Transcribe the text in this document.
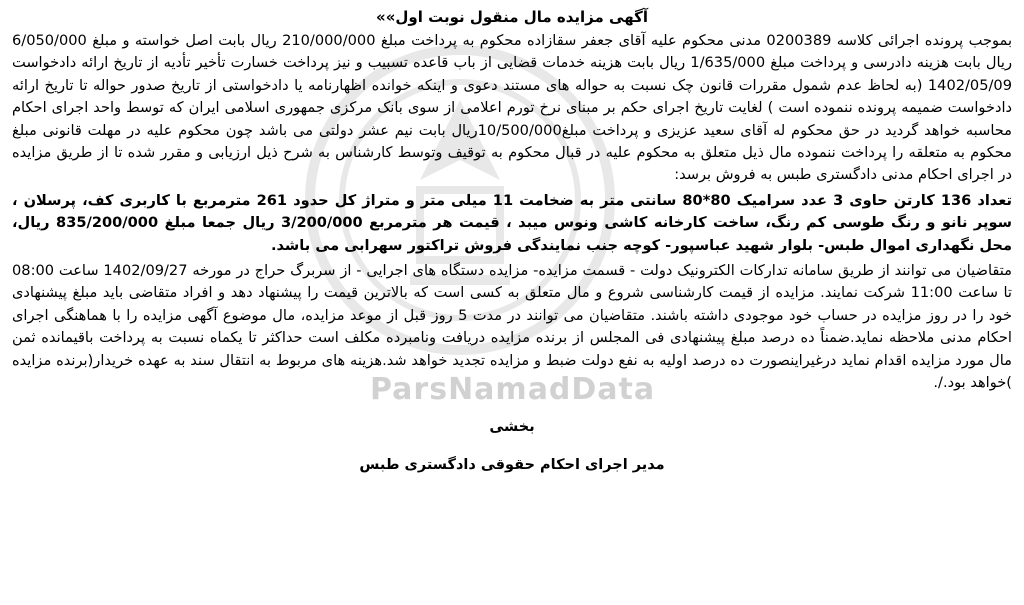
ParsNamadData
آگهی مزایده مال منقول نوبت اول»»

بموجب پرونده اجرائی کلاسه 0200389 مدنی محکوم علیه آقای جعفر سقازاده محکوم به پرداخت مبلغ 210/000/000 ریال بابت اصل خواسته و مبلغ 6/050/000 ریال بابت هزینه دادرسی و پرداخت مبلغ 1/635/000 ریال بابت هزینه خدمات قضایی از باب قاعده تسبیب و نیز پرداخت خسارت تأخیر تأدیه از تاریخ ارائه دادخواست 1402/05/09 (به لحاظ عدم شمول مقررات قانون چک نسبت به حواله های مستند دعوی و اینکه خوانده اظهارنامه یا دادخواستی از تاریخ صدور حواله تا تاریخ ارائه دادخواست ضمیمه پرونده ننموده است ) لغایت تاریخ اجرای حکم بر مبنای نرخ تورم اعلامی از سوی بانک مرکزی جمهوری اسلامی ایران که توسط واحد اجرای احکام محاسبه خواهد گردید در حق محکوم له آقای سعید عزیزی و پرداخت مبلغ10/500/000ریال بابت نیم عشر دولتی می باشد چون محکوم علیه در مهلت قانونی مبلغ محکوم به متعلقه را پرداخت ننموده مال ذیل متعلق به محکوم علیه در قبال محکوم به توقیف وتوسط کارشناس به شرح ذیل ارزیابی و مقرر شده تا از طریق مزایده در اجرای احکام مدنی دادگستری طبس به فروش برسد:

تعداد 136 کارتن حاوی 3 عدد سرامیک 80*80 سانتی متر به ضخامت 11 میلی متر و متراژ کل حدود 261 مترمربع با کاربری کف، پرسلان ، سوپر نانو و رنگ طوسی کم رنگ، ساخت کارخانه کاشی ونوس میبد ، قیمت هر مترمربع 3/200/000 ریال جمعا مبلغ 835/200/000 ریال، محل نگهداری اموال طبس- بلوار شهید عباسپور- کوچه جنب نمایندگی فروش تراکتور سهرابی می باشد.

متقاضیان می توانند از طریق سامانه تدارکات الکترونیک دولت - قسمت مزایده- مزایده دستگاه های اجرایی - از سربرگ حراج در مورخه 1402/09/27 ساعت 08:00 تا ساعت 11:00 شرکت نمایند. مزایده از قیمت کارشناسی شروع و مال متعلق به کسی است که بالاترین قیمت را پیشنهاد دهد و افراد متقاضی باید مبلغ پیشنهادی خود را در روز مزایده در حساب خود موجودی داشته باشند. متقاضیان می توانند در مدت 5 روز قبل از موعد مزایده، مال موضوع آگهی مزایده را با هماهنگی اجرای احکام مدنی ملاحظه نماید.ضمناً ده درصد مبلغ پیشنهادی فی المجلس از برنده مزایده دریافت ونامبرده مکلف است حداکثر تا یکماه نسبت به پرداخت باقیمانده ثمن مال مورد مزایده اقدام نماید درغیراینصورت ده درصد اولیه به نفع دولت ضبط و مزایده تجدید خواهد شد.هزینه های مربوط به انتقال سند به عهده خریدار(برنده مزایده )خواهد بود./.

بخشی
مدیر اجرای احکام حقوقی دادگستری طبس
